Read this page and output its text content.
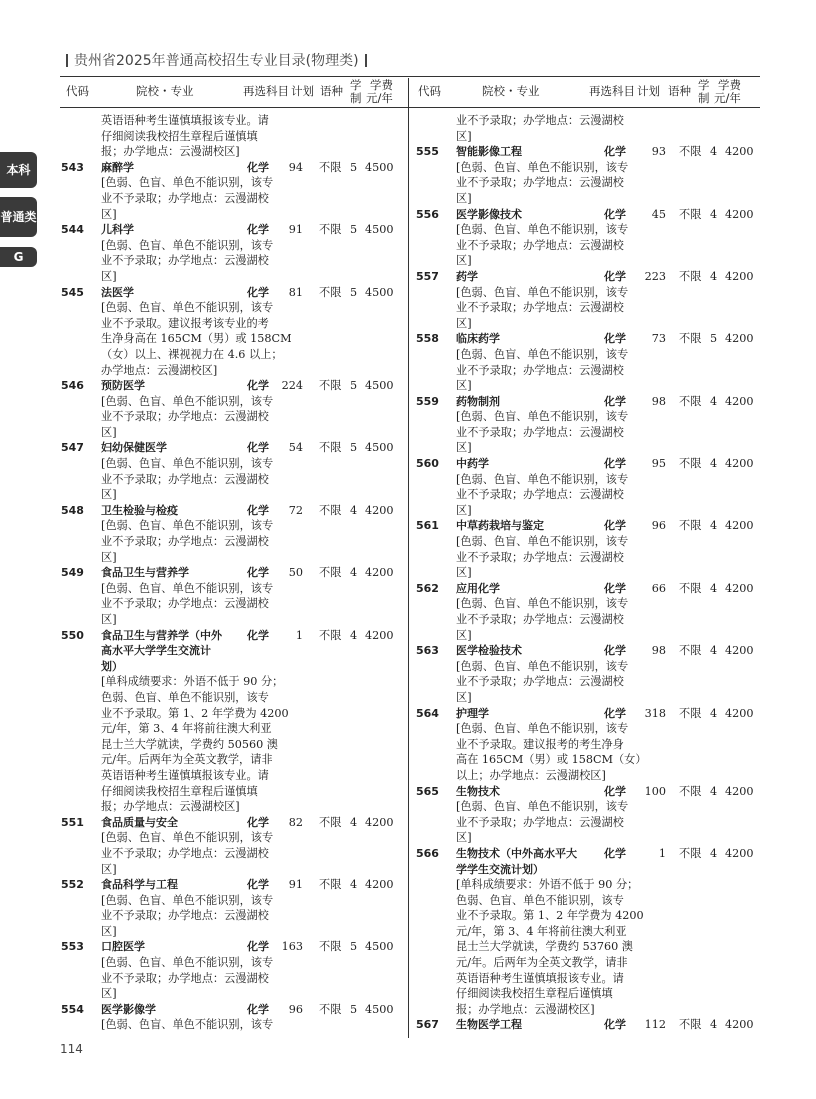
贵州省2025年普通高校招生专业目录(物理类)
本科
普通类
G
代码	院校・专业	再选科目 计划 语种 学
制
学费
元/年 代码	院校・专业	再选科目 计划 语种 学
制
学费
元/年
英语语种考生谨慎填报该专业。请
仔细阅读我校招生章程后谨慎填
报；办学地点：云漫湖校区]
543	麻醉学	化学	94 不限 5 4500
[色弱、色盲、单色不能识别，该专
业不予录取；办学地点：云漫湖校
区]
544	儿科学	化学	91 不限 5 4500
[色弱、色盲、单色不能识别，该专
业不予录取；办学地点：云漫湖校
区]
545	法医学	化学	81 不限 5 4500
[色弱、色盲、单色不能识别，该专
业不予录取。建议报考该专业的考
生净身高在 165CM（男）或 158CM
（女）以上、裸视视力在 4.6 以上；
办学地点：云漫湖校区]
546	预防医学	化学	224 不限 5 4500
[色弱、色盲、单色不能识别，该专
业不予录取；办学地点：云漫湖校
区]
547	妇幼保健医学	化学	54 不限 5 4500
[色弱、色盲、单色不能识别，该专
业不予录取；办学地点：云漫湖校
区]
548	卫生检验与检疫	化学	72 不限 4 4200
[色弱、色盲、单色不能识别，该专
业不予录取；办学地点：云漫湖校
区]
549	食品卫生与营养学	化学	50 不限 4 4200
[色弱、色盲、单色不能识别，该专
业不予录取；办学地点：云漫湖校
区]
550	食品卫生与营养学（中外 化学	1 不限 4 4200
高水平大学学生交流计
划）
[单科成绩要求：外语不低于 90 分；
色弱、色盲、单色不能识别，该专
业不予录取。第 1、2 年学费为 4200
元/年，第 3、4 年将前往澳大利亚
昆士兰大学就读，学费约 50560 澳
元/年。后两年为全英文教学，请非
英语语种考生谨慎填报该专业。请
仔细阅读我校招生章程后谨慎填
报；办学地点：云漫湖校区]
551	食品质量与安全	化学	82 不限 4 4200
[色弱、色盲、单色不能识别，该专
业不予录取；办学地点：云漫湖校
区]
552	食品科学与工程	化学	91 不限 4 4200
[色弱、色盲、单色不能识别，该专
业不予录取；办学地点：云漫湖校
区]
553	口腔医学	化学	163 不限 5 4500
[色弱、色盲、单色不能识别，该专
业不予录取；办学地点：云漫湖校
区]
554	医学影像学	化学	96 不限 5 4500
[色弱、色盲、单色不能识别，该专
业不予录取；办学地点：云漫湖校
区]
555	智能影像工程	化学	93 不限 4 4200
[色弱、色盲、单色不能识别，该专
业不予录取；办学地点：云漫湖校
区]
556	医学影像技术	化学	45 不限 4 4200
[色弱、色盲、单色不能识别，该专
业不予录取；办学地点：云漫湖校
区]
557	药学	化学	223 不限 4 4200
[色弱、色盲、单色不能识别，该专
业不予录取；办学地点：云漫湖校
区]
558	临床药学	化学	73 不限 5 4200
[色弱、色盲、单色不能识别，该专
业不予录取；办学地点：云漫湖校
区]
559	药物制剂	化学	98 不限 4 4200
[色弱、色盲、单色不能识别，该专
业不予录取；办学地点：云漫湖校
区]
560	中药学	化学	95 不限 4 4200
[色弱、色盲、单色不能识别，该专
业不予录取；办学地点：云漫湖校
区]
561	中草药栽培与鉴定	化学	96 不限 4 4200
[色弱、色盲、单色不能识别，该专
业不予录取；办学地点：云漫湖校
区]
562	应用化学	化学	66 不限 4 4200
[色弱、色盲、单色不能识别，该专
业不予录取；办学地点：云漫湖校
区]
563	医学检验技术	化学	98 不限 4 4200
[色弱、色盲、单色不能识别，该专
业不予录取；办学地点：云漫湖校
区]
564	护理学	化学	318 不限 4 4200
[色弱、色盲、单色不能识别，该专
业不予录取。建议报考的考生净身
高在 165CM（男）或 158CM（女）
以上；办学地点：云漫湖校区]
565	生物技术	化学	100 不限 4 4200
[色弱、色盲、单色不能识别，该专
业不予录取；办学地点：云漫湖校
区]
566	生物技术（中外高水平大 化学	1 不限 4 4200
学学生交流计划）
[单科成绩要求：外语不低于 90 分；
色弱、色盲、单色不能识别，该专
业不予录取。第 1、2 年学费为 4200
元/年，第 3、4 年将前往澳大利亚
昆士兰大学就读，学费约 53760 澳
元/年。后两年为全英文教学，请非
英语语种考生谨慎填报该专业。请
仔细阅读我校招生章程后谨慎填
报；办学地点：云漫湖校区]
567	生物医学工程	化学	112 不限 4 4200
114
